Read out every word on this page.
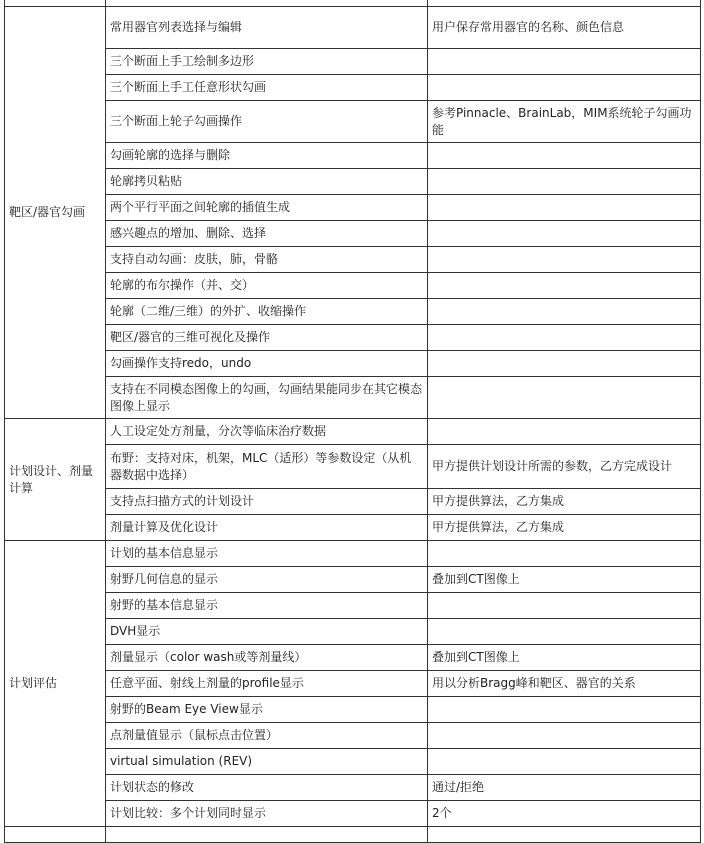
靶区/器官勾画	常用器官列表选择与编辑	用户保存常用器官的名称、颜色信息
	三个断面上手工绘制多边形	
	三个断面上手工任意形状勾画	
	三个断面上轮子勾画操作	参考Pinnacle、BrainLab，MIM系统轮子勾画功能
	勾画轮廓的选择与删除	
	轮廓拷贝粘贴	
	两个平行平面之间轮廓的插值生成	
	感兴趣点的增加、删除、选择	
	支持自动勾画：皮肤，肺，骨骼	
	轮廓的布尔操作（并、交）	
	轮廓（二维/三维）的外扩、收缩操作	
	靶区/器官的三维可视化及操作	
	勾画操作支持redo，undo	
	支持在不同模态图像上的勾画，勾画结果能同步在其它模态图像上显示	
计划设计、剂量计算	人工设定处方剂量，分次等临床治疗数据	
	布野：支持对床，机架，MLC（适形）等参数设定（从机器数据中选择）	甲方提供计划设计所需的参数，乙方完成设计
	支持点扫描方式的计划设计	甲方提供算法，乙方集成
	剂量计算及优化设计	甲方提供算法，乙方集成
计划评估	计划的基本信息显示	
	射野几何信息的显示	叠加到CT图像上
	射野的基本信息显示	
	DVH显示	
	剂量显示（color wash或等剂量线）	叠加到CT图像上
	任意平面、射线上剂量的profile显示	用以分析Bragg峰和靶区、器官的关系
	射野的Beam Eye View显示	
	点剂量值显示（鼠标点击位置）	
	virtual simulation (REV)	
	计划状态的修改	通过/拒绝
	计划比较：多个计划同时显示	2个
